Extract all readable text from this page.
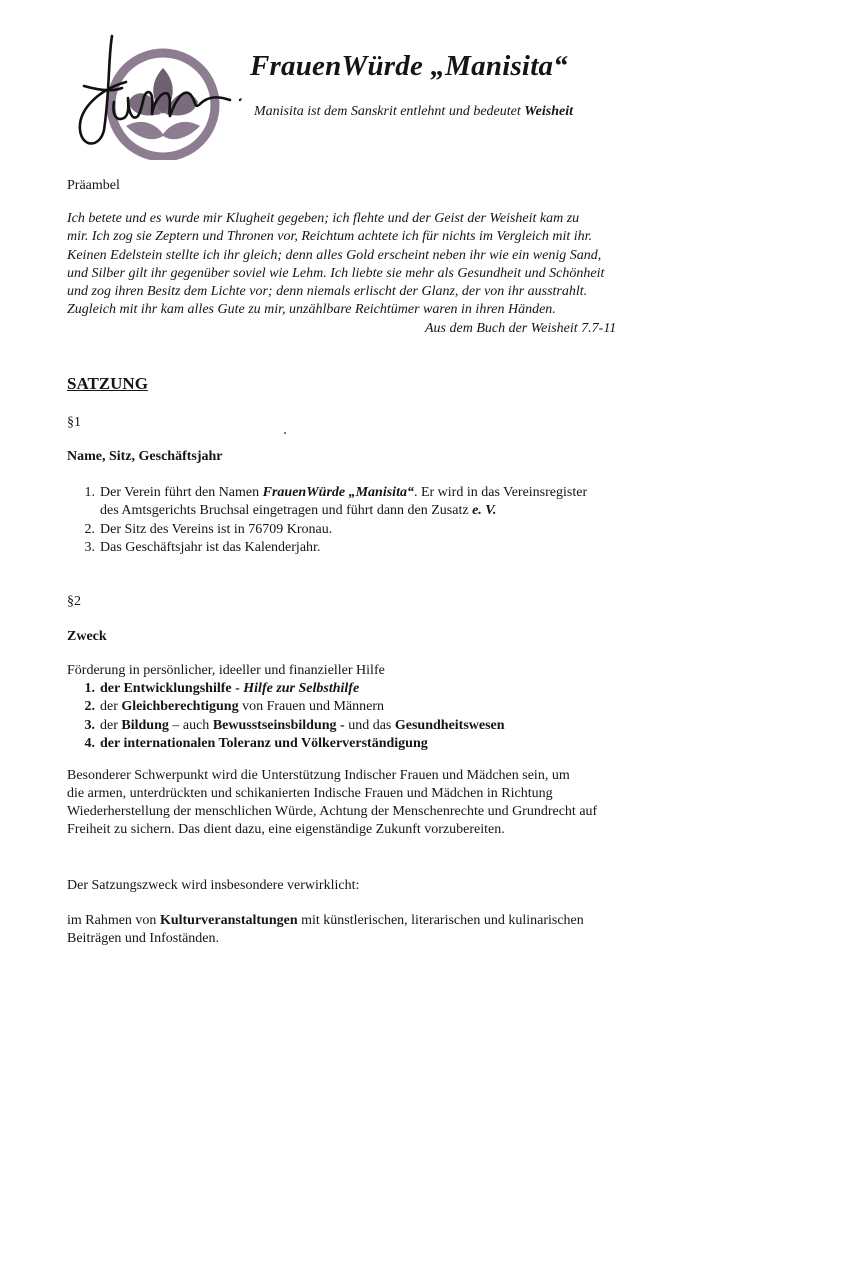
FrauenWürde „Manisita“
Manisita ist dem Sanskrit entlehnt und bedeutet Weisheit
Präambel
Ich betete und es wurde mir Klugheit gegeben; ich flehte und der Geist der Weisheit kam zu
mir. Ich zog sie Zeptern und Thronen vor, Reichtum achtete ich für nichts im Vergleich mit ihr.
Keinen Edelstein stellte ich ihr gleich; denn alles Gold erscheint neben ihr wie ein wenig Sand,
und Silber gilt ihr gegenüber soviel wie Lehm. Ich liebte sie mehr als Gesundheit und Schönheit
und zog ihren Besitz dem Lichte vor; denn niemals erlischt der Glanz, der von ihr ausstrahlt.
Zugleich mit ihr kam alles Gute zu mir, unzählbare Reichtümer waren in ihren Händen.
Aus dem Buch der Weisheit 7.7-11
SATZUNG
§1
Name, Sitz, Geschäftsjahr
1. Der Verein führt den Namen FrauenWürde „Manisita“. Er wird in das Vereinsregister
des Amtsgerichts Bruchsal eingetragen und führt dann den Zusatz e. V.
2. Der Sitz des Vereins ist in 76709 Kronau.
3. Das Geschäftsjahr ist das Kalenderjahr.
§2
Zweck
Förderung in persönlicher, ideeller und finanzieller Hilfe
1. der Entwicklungshilfe - Hilfe zur Selbsthilfe
2. der Gleichberechtigung von Frauen und Männern
3. der Bildung – auch Bewusstseinsbildung - und das Gesundheitswesen
4. der internationalen Toleranz und Völkerverständigung
Besonderer Schwerpunkt wird die Unterstützung Indischer Frauen und Mädchen sein, um
die armen, unterdrückten und schikanierten Indische Frauen und Mädchen in Richtung
Wiederherstellung der menschlichen Würde, Achtung der Menschenrechte und Grundrecht auf
Freiheit zu sichern. Das dient dazu, eine eigenständige Zukunft vorzubereiten.
Der Satzungszweck wird insbesondere verwirklicht:
im Rahmen von Kulturveranstaltungen mit künstlerischen, literarischen und kulinarischen
Beiträgen und Infoständen.
